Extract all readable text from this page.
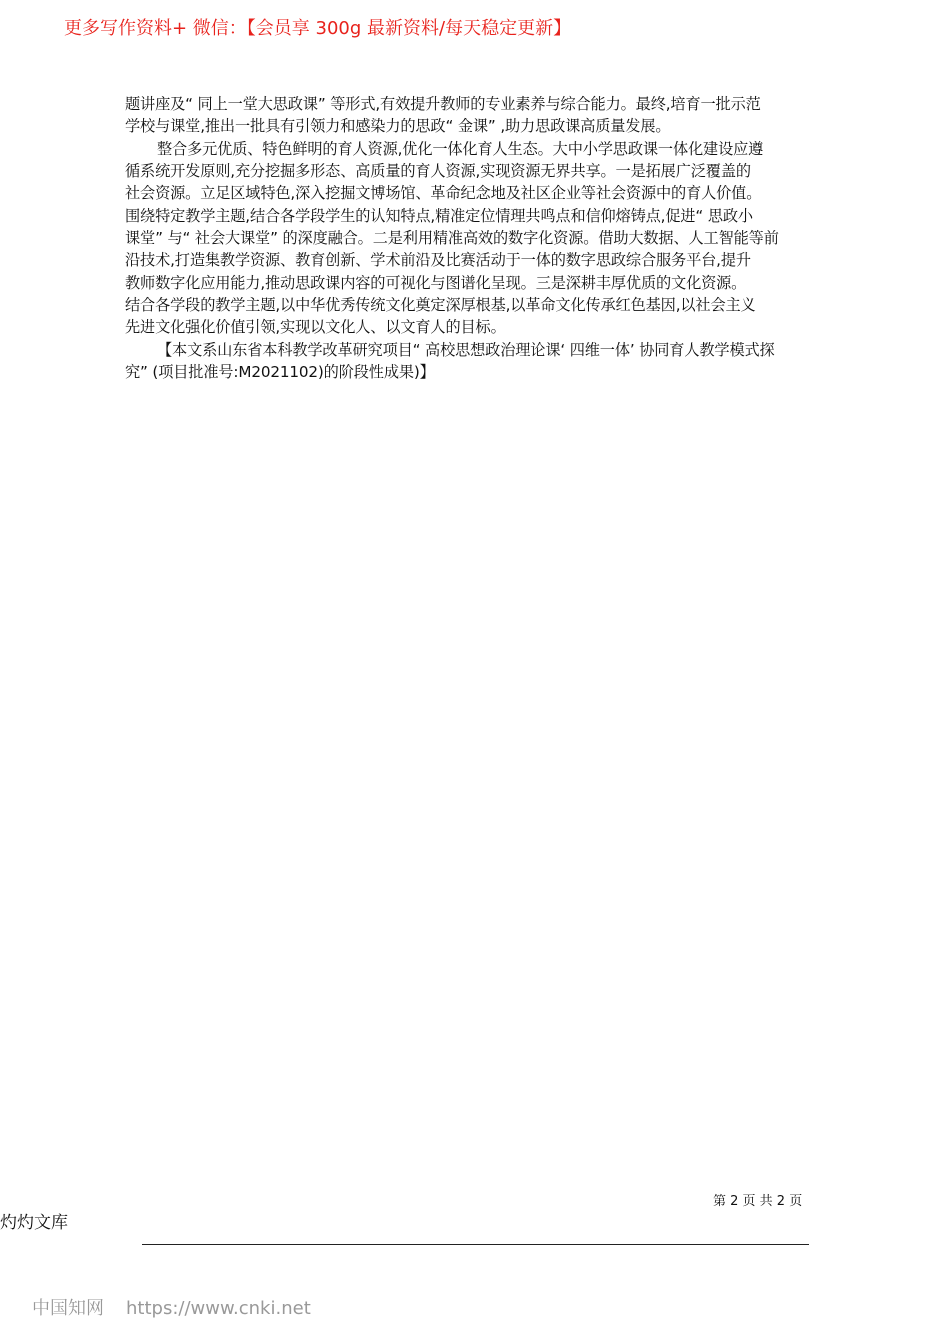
更多写作资料+ 微信：【会员享 300g 最新资料/每天稳定更新】
题讲座及“ 同上一堂大思政课” 等形式,有效提升教师的专业素养与综合能力。最终,培育一批示范
学校与课堂,推出一批具有引领力和感染力的思政“ 金课” ,助力思政课高质量发展。
整合多元优质、特色鲜明的育人资源,优化一体化育人生态。大中小学思政课一体化建设应遵
循系统开发原则,充分挖掘多形态、高质量的育人资源,实现资源无界共享。一是拓展广泛覆盖的
社会资源。立足区域特色,深入挖掘文博场馆、革命纪念地及社区企业等社会资源中的育人价值。
围绕特定教学主题,结合各学段学生的认知特点,精准定位情理共鸣点和信仰熔铸点,促进“ 思政小
课堂” 与“ 社会大课堂” 的深度融合。二是利用精准高效的数字化资源。借助大数据、人工智能等前
沿技术,打造集教学资源、教育创新、学术前沿及比赛活动于一体的数字思政综合服务平台,提升
教师数字化应用能力,推动思政课内容的可视化与图谱化呈现。三是深耕丰厚优质的文化资源。
结合各学段的教学主题,以中华优秀传统文化奠定深厚根基,以革命文化传承红色基因,以社会主义
先进文化强化价值引领,实现以文化人、以文育人的目标。
【本文系山东省本科教学改革研究项目“ 高校思想政治理论课‘ 四维一体’ 协同育人教学模式探
究” (项目批准号:M2021102)的阶段性成果)】
第 2 页 共 2 页
灼灼文库
中国知网 https://www.cnki.net
